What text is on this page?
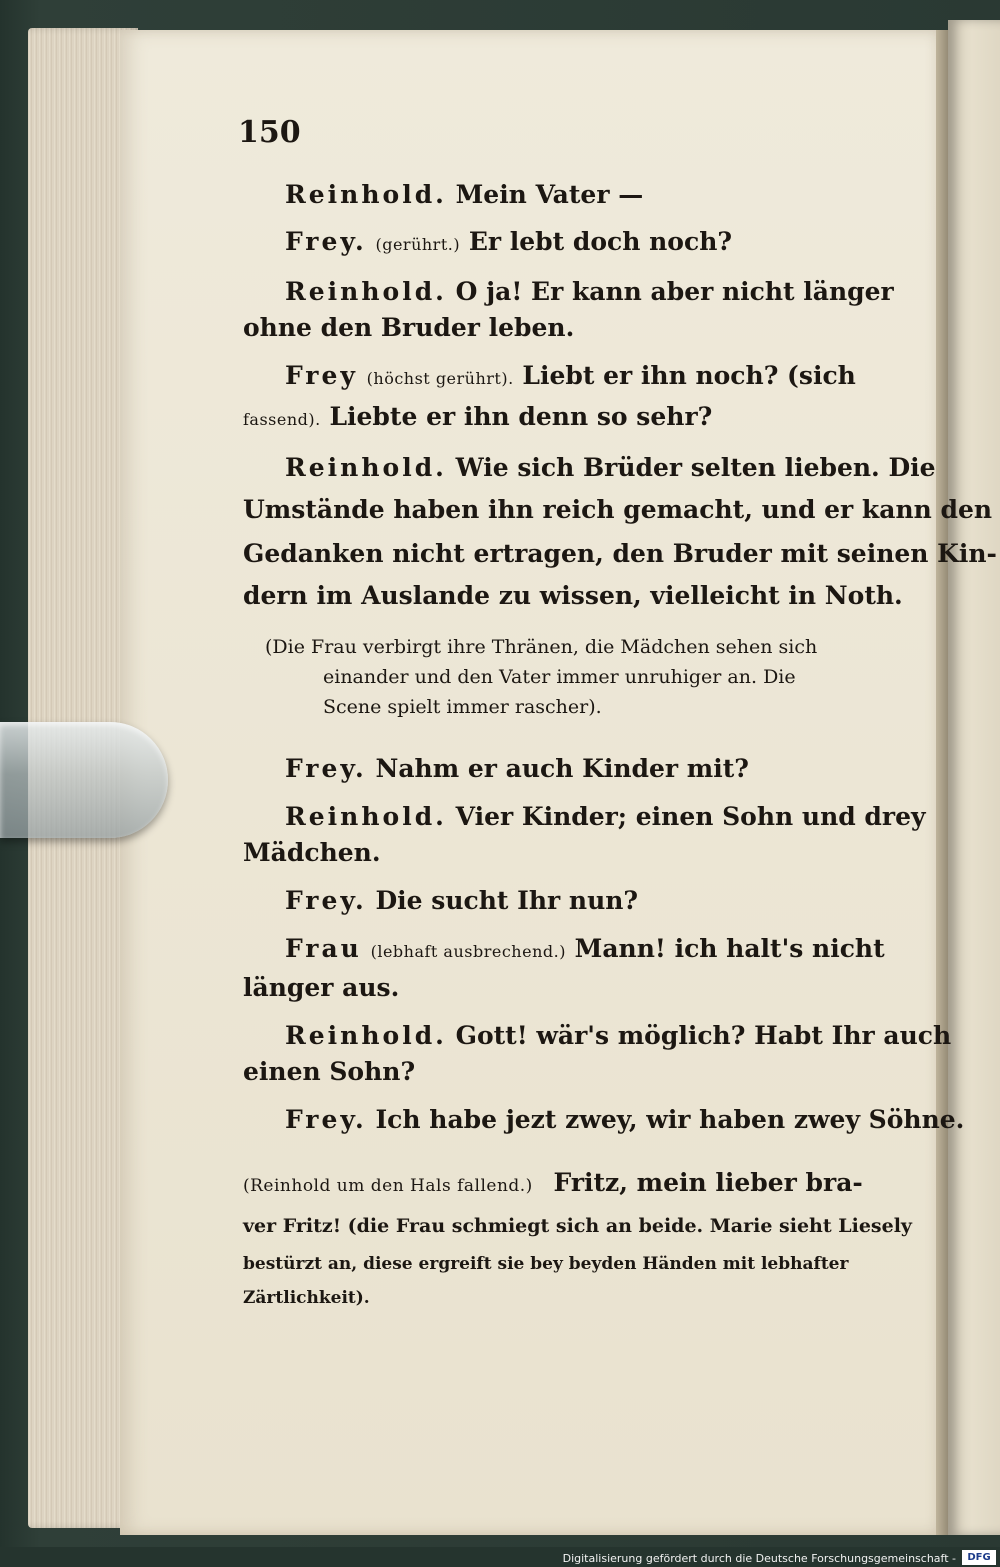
150

Reinhold. Mein Vater —
Frey. (gerührt.) Er lebt doch noch?
Reinhold. O ja! Er kann aber nicht länger
ohne den Bruder leben.
Frey (höchst gerührt). Liebt er ihn noch? (sich
fassend). Liebte er ihn denn so sehr?
Reinhold. Wie sich Brüder selten lieben. Die
Umstände haben ihn reich gemacht, und er kann den
Gedanken nicht ertragen, den Bruder mit seinen Kin-
dern im Auslande zu wissen, vielleicht in Noth.
(Die Frau verbirgt ihre Thränen, die Mädchen sehen sich
einander und den Vater immer unruhiger an. Die
Scene spielt immer rascher).
Frey. Nahm er auch Kinder mit?
Reinhold. Vier Kinder; einen Sohn und drey
Mädchen.
Frey. Die sucht Ihr nun?
Frau (lebhaft ausbrechend.) Mann! ich halt's nicht
länger aus.
Reinhold. Gott! wär's möglich? Habt Ihr auch
einen Sohn?
Frey. Ich habe jezt zwey, wir haben zwey Söhne.
(Reinhold um den Hals fallend.) Fritz, mein lieber bra-
ver Fritz! (die Frau schmiegt sich an beide. Marie sieht Liesely
bestürzt an, diese ergreift sie bey beyden Händen mit lebhafter
Zärtlichkeit).
Digitalisierung gefördert durch die Deutsche Forschungsgemeinschaft -	DFG
